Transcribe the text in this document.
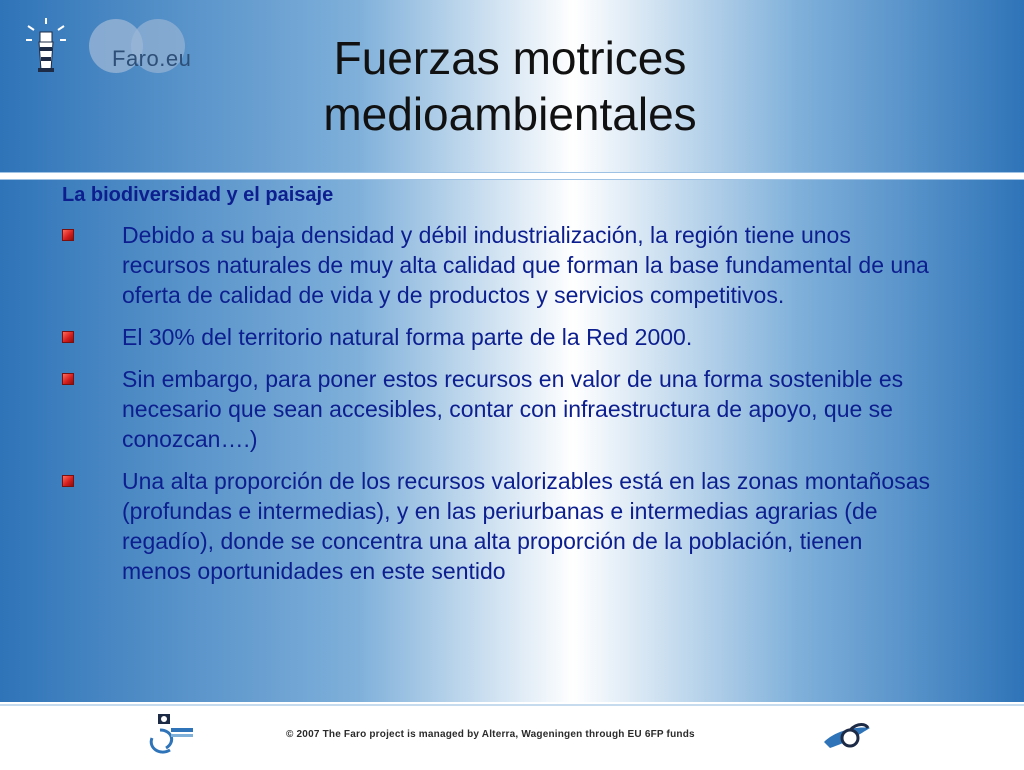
Faro.eu	Fuerzas motrices
medioambientales
La biodiversidad y el paisaje
Debido a su baja densidad y débil industrialización, la región tiene unos recursos naturales de muy alta calidad que forman la base fundamental de una oferta de calidad de vida y de productos y servicios competitivos.
El 30% del territorio natural forma parte de la Red 2000.
Sin embargo, para poner estos recursos en valor de una forma sostenible es necesario que sean accesibles, contar con infraestructura de apoyo, que se conozcan….)
Una alta proporción de los recursos valorizables está en las zonas montañosas (profundas e intermedias), y en las periurbanas e intermedias agrarias (de regadío), donde se concentra una alta proporción de la población, tienen menos oportunidades en este sentido
© 2007 The Faro project is managed by Alterra, Wageningen through EU 6FP funds
